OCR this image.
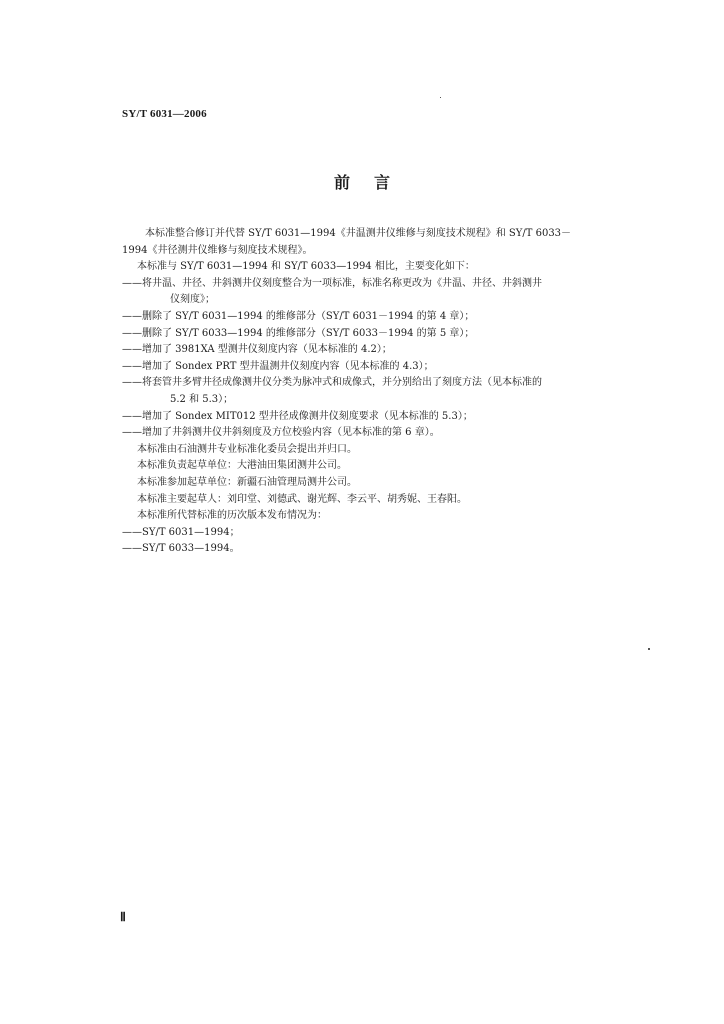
SY/T 6031—2006
前言
本标准整合修订并代替 SY/T 6031—1994《井温测井仪维修与刻度技术规程》和 SY/T 6033－
1994《井径测井仪维修与刻度技术规程》。
本标准与 SY/T 6031—1994 和 SY/T 6033—1994 相比，主要变化如下：
——将井温、井径、井斜测井仪刻度整合为一项标准，标准名称更改为《井温、井径、井斜测井
仪刻度》；
——删除了 SY/T 6031—1994 的维修部分（SY/T 6031－1994 的第 4 章）；
——删除了 SY/T 6033—1994 的维修部分（SY/T 6033－1994 的第 5 章）；
——增加了 3981XA 型测井仪刻度内容（见本标准的 4.2）；
——增加了 Sondex PRT 型井温测井仪刻度内容（见本标准的 4.3）；
——将套管井多臂井径成像测井仪分类为脉冲式和成像式，并分别给出了刻度方法（见本标准的
5.2 和 5.3）；
——增加了 Sondex MIT012 型井径成像测井仪刻度要求（见本标准的 5.3）；
——增加了井斜测井仪井斜刻度及方位校验内容（见本标准的第 6 章）。
本标准由石油测井专业标准化委员会提出并归口。
本标准负责起草单位：大港油田集团测井公司。
本标准参加起草单位：新疆石油管理局测井公司。
本标准主要起草人：刘印堂、刘德武、谢光辉、李云平、胡秀妮、王春阳。
本标准所代替标准的历次版本发布情况为：
——SY/T 6031—1994；
——SY/T 6033—1994。
Ⅱ
